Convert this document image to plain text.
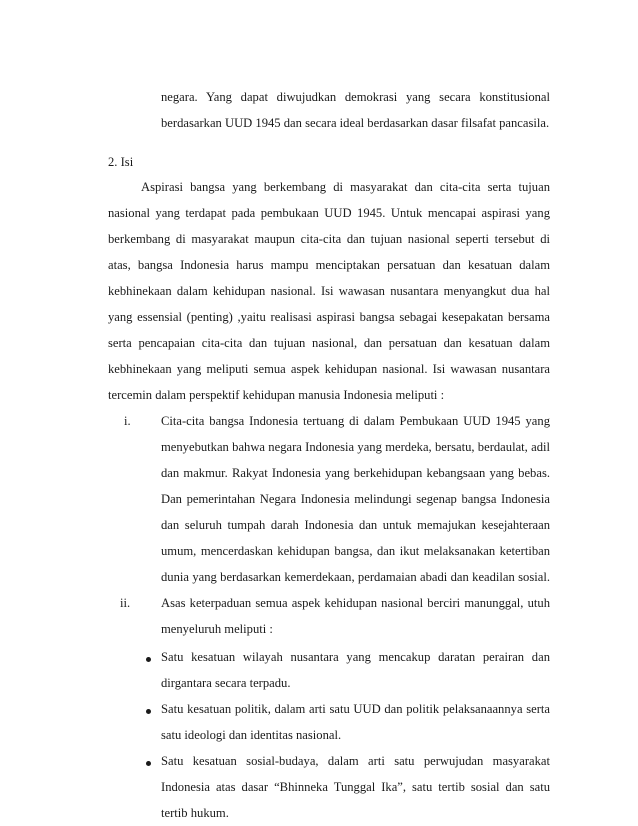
negara. Yang dapat diwujudkan demokrasi yang secara konstitusional
berdasarkan UUD 1945 dan secara ideal berdasarkan dasar filsafat pancasila.
2. Isi
Aspirasi bangsa yang berkembang di masyarakat dan cita-cita serta tujuan
nasional yang terdapat pada pembukaan UUD 1945. Untuk mencapai aspirasi yang
berkembang di masyarakat maupun cita-cita dan tujuan nasional seperti tersebut di
atas, bangsa Indonesia harus mampu menciptakan persatuan dan kesatuan dalam
kebhinekaan dalam kehidupan nasional. Isi wawasan nusantara menyangkut dua hal
yang essensial (penting) ,yaitu realisasi aspirasi bangsa sebagai kesepakatan bersama
serta pencapaian cita-cita dan tujuan nasional, dan persatuan dan kesatuan dalam
kebhinekaan yang meliputi semua aspek kehidupan nasional. Isi wawasan nusantara
tercemin dalam perspektif kehidupan manusia Indonesia meliputi :
i. Cita-cita bangsa Indonesia tertuang di dalam Pembukaan UUD 1945 yang
menyebutkan bahwa negara Indonesia yang merdeka, bersatu, berdaulat, adil
dan makmur. Rakyat Indonesia yang berkehidupan kebangsaan yang bebas.
Dan pemerintahan Negara Indonesia melindungi segenap bangsa Indonesia
dan seluruh tumpah darah Indonesia dan untuk memajukan kesejahteraan
umum, mencerdaskan kehidupan bangsa, dan ikut melaksanakan ketertiban
dunia yang berdasarkan kemerdekaan, perdamaian abadi dan keadilan sosial.
ii. Asas keterpaduan semua aspek kehidupan nasional berciri manunggal, utuh
menyeluruh meliputi :
Satu kesatuan wilayah nusantara yang mencakup daratan perairan dan
dirgantara secara terpadu.
Satu kesatuan politik, dalam arti satu UUD dan politik pelaksanaannya serta
satu ideologi dan identitas nasional.
Satu kesatuan sosial-budaya, dalam arti satu perwujudan masyarakat
Indonesia atas dasar “Bhinneka Tunggal Ika”, satu tertib sosial dan satu
tertib hukum.
